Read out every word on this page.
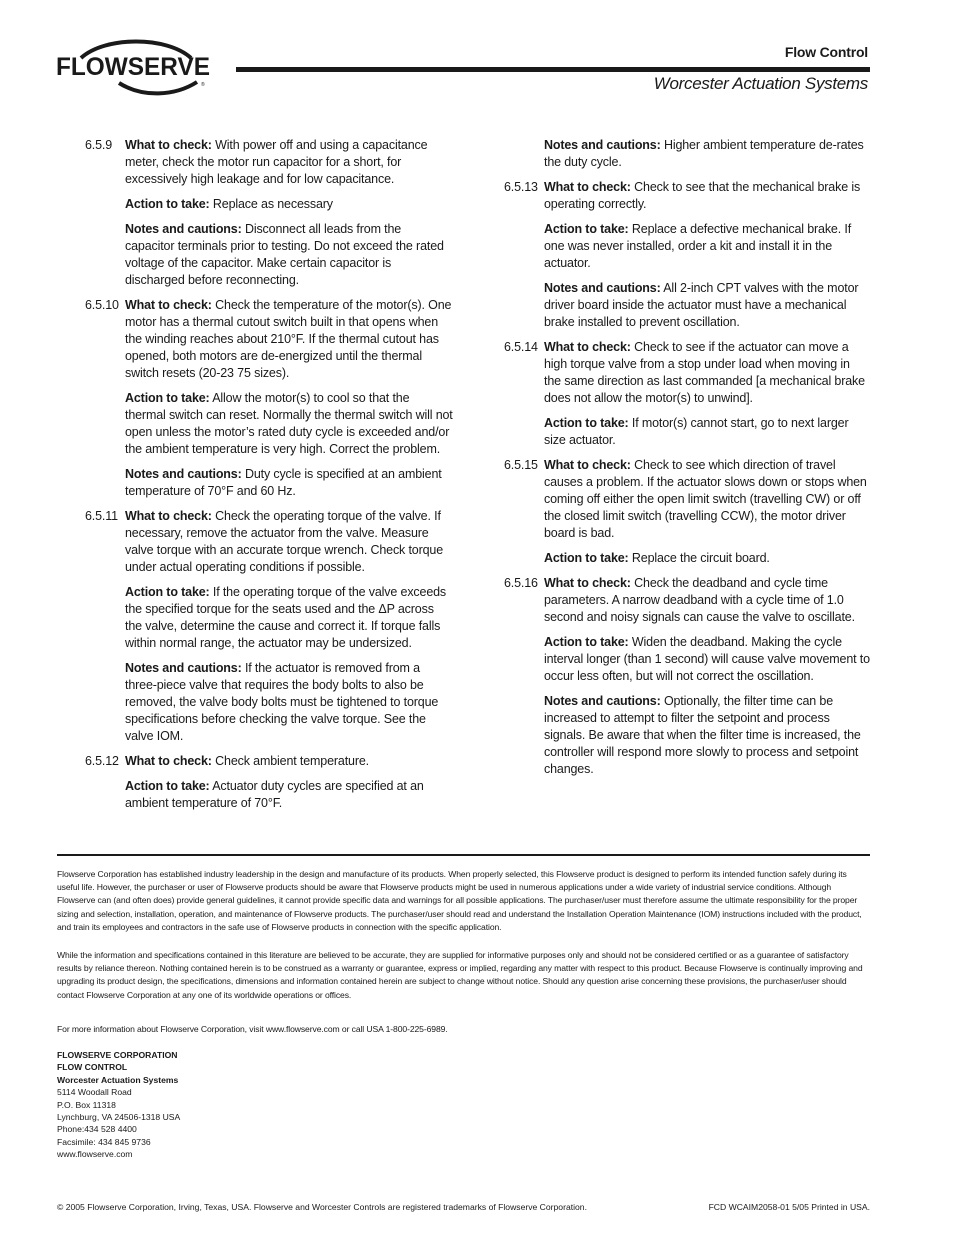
FLOWSERVE
®
Flow Control
Worcester Actuation Systems
6.5.9 What to check: With power off and using a capacitance meter, check the motor run capacitor for a short, for excessively high leakage and for low capacitance.

Action to take: Replace as necessary

Notes and cautions: Disconnect all leads from the capacitor terminals prior to testing. Do not exceed the rated voltage of the capacitor. Make certain capacitor is discharged before reconnecting.

6.5.10 What to check: Check the temperature of the motor(s). One motor has a thermal cutout switch built in that opens when the winding reaches about 210°F. If the thermal cutout has opened, both motors are de-energized until the thermal switch resets (20-23 75 sizes).

Action to take: Allow the motor(s) to cool so that the thermal switch can reset. Normally the thermal switch will not open unless the motor’s rated duty cycle is exceeded and/or the ambient temperature is very high. Correct the problem.

Notes and cautions: Duty cycle is specified at an ambient temperature of 70°F and 60 Hz.

6.5.11 What to check: Check the operating torque of the valve. If necessary, remove the actuator from the valve. Measure valve torque with an accurate torque wrench. Check torque under actual operating conditions if possible.

Action to take: If the operating torque of the valve exceeds the specified torque for the seats used and the ΔP across the valve, determine the cause and correct it. If torque falls within normal range, the actuator may be undersized.

Notes and cautions: If the actuator is removed from a three-piece valve that requires the body bolts to also be removed, the valve body bolts must be tightened to torque specifications before checking the valve torque. See the valve IOM.

6.5.12 What to check: Check ambient temperature.

Action to take: Actuator duty cycles are specified at an ambient temperature of 70°F.

Notes and cautions: Higher ambient temperature de-rates the duty cycle.

6.5.13 What to check: Check to see that the mechanical brake is operating correctly.

Action to take: Replace a defective mechanical brake. If one was never installed, order a kit and install it in the actuator.

Notes and cautions: All 2-inch CPT valves with the motor driver board inside the actuator must have a mechanical brake installed to prevent oscillation.

6.5.14 What to check: Check to see if the actuator can move a high torque valve from a stop under load when moving in the same direction as last commanded [a mechanical brake does not allow the motor(s) to unwind].

Action to take: If motor(s) cannot start, go to next larger size actuator.

6.5.15 What to check: Check to see which direction of travel causes a problem. If the actuator slows down or stops when coming off either the open limit switch (travelling CW) or off the closed limit switch (travelling CCW), the motor driver board is bad.

Action to take: Replace the circuit board.

6.5.16 What to check: Check the deadband and cycle time parameters. A narrow deadband with a cycle time of 1.0 second and noisy signals can cause the valve to oscillate.

Action to take: Widen the deadband. Making the cycle interval longer (than 1 second) will cause valve movement to occur less often, but will not correct the oscillation.

Notes and cautions: Optionally, the filter time can be increased to attempt to filter the setpoint and process signals. Be aware that when the filter time is increased, the controller will respond more slowly to process and setpoint changes.

Flowserve Corporation has established industry leadership in the design and manufacture of its products. When properly selected, this Flowserve product is designed to perform its intended function safely during its useful life. However, the purchaser or user of Flowserve products should be aware that Flowserve products might be used in numerous applications under a wide variety of industrial service conditions. Although Flowserve can (and often does) provide general guidelines, it cannot provide specific data and warnings for all possible applications. The purchaser/user must therefore assume the ultimate responsibility for the proper sizing and selection, installation, operation, and maintenance of Flowserve products. The purchaser/user should read and understand the Installation Operation Maintenance (IOM) instructions included with the product, and train its employees and contractors in the safe use of Flowserve products in connection with the specific application.

While the information and specifications contained in this literature are believed to be accurate, they are supplied for informative purposes only and should not be considered certified or as a guarantee of satisfactory results by reliance thereon. Nothing contained herein is to be construed as a warranty or guarantee, express or implied, regarding any matter with respect to this product. Because Flowserve is continually improving and upgrading its product design, the specifications, dimensions and information contained herein are subject to change without notice. Should any question arise concerning these provisions, the purchaser/user should contact Flowserve Corporation at any one of its worldwide operations or offices.

For more information about Flowserve Corporation, visit www.flowserve.com or call USA 1-800-225-6989.

FLOWSERVE CORPORATION
FLOW CONTROL
Worcester Actuation Systems
5114 Woodall Road
P.O. Box 11318
Lynchburg, VA 24506-1318 USA
Phone:434 528 4400
Facsimile: 434 845 9736
www.flowserve.com
© 2005 Flowserve Corporation, Irving, Texas, USA. Flowserve and Worcester Controls are registered trademarks of Flowserve Corporation.	FCD WCAIM2058-01 5/05 Printed in USA.
